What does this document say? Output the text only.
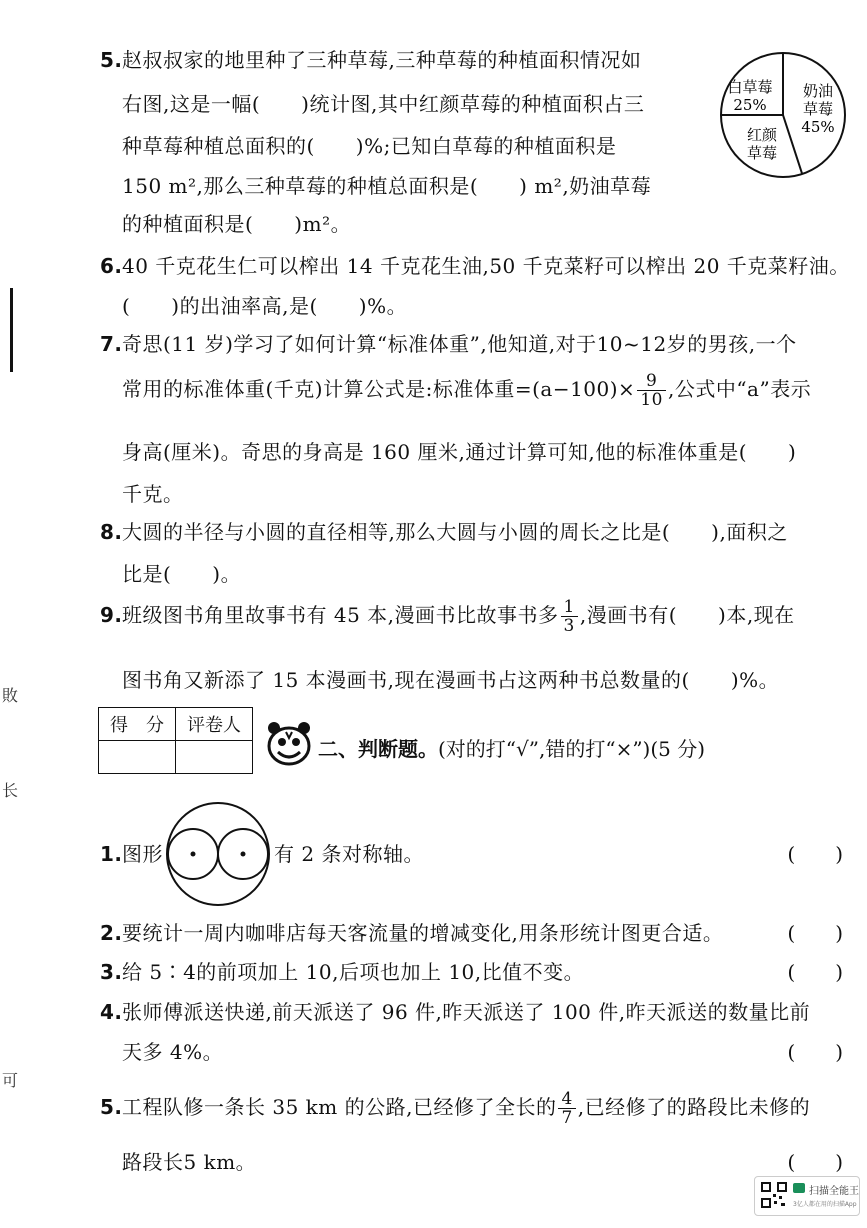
敗
长
可
5.赵叔叔家的地里种了三种草莓,三种草莓的种植面积情况如
右图,这是一幅(　　)统计图,其中红颜草莓的种植面积占三
种草莓种植总面积的(　　)%;已知白草莓的种植面积是
150 m²,那么三种草莓的种植总面积是(　　) m²,奶油草莓
的种植面积是(　　)m²。
白草莓
25%
奶油
草莓
45%
红颜
草莓
6.40 千克花生仁可以榨出 14 千克花生油,50 千克菜籽可以榨出 20 千克菜籽油。
(　　)的出油率高,是(　　)%。
7.奇思(11 岁)学习了如何计算“标准体重”,他知道,对于10~12岁的男孩,一个
常用的标准体重(千克)计算公式是:标准体重$=(a-100)\times \frac{9}{10}$ ,公式中“a”表示
身高(厘米)。奇思的身高是 160 厘米,通过计算可知,他的标准体重是(　　)
千克。
8.大圆的半径与小圆的直径相等,那么大圆与小圆的周长之比是(　　),面积之
比是(　　)。
9.班级图书角里故事书有 45 本,漫画书比故事书多 $\frac{1}{3}$ ,漫画书有(　　)本,现在
图书角又新添了 15 本漫画书,现在漫画书占这两种书总数量的(　　)%。
得　分	评卷人

二、判断题。(对的打“√”,错的打“×”)(5 分)
1.图形	有 2 条对称轴。	(　　)
2.要统计一周内咖啡店每天客流量的增减变化,用条形统计图更合适。	(　　)
3.给 5∶4的前项加上 10,后项也加上 10,比值不变。	(　　)
4.张师傅派送快递,前天派送了 96 件,昨天派送了 100 件,昨天派送的数量比前
天多 4%。	(　　)
5.工程队修一条长 35 km 的公路,已经修了全长的 $\frac{4}{7}$ ,已经修了的路段比未修的
路段长5 km。	(　　)
扫描全能王
3亿人都在用的扫描App
